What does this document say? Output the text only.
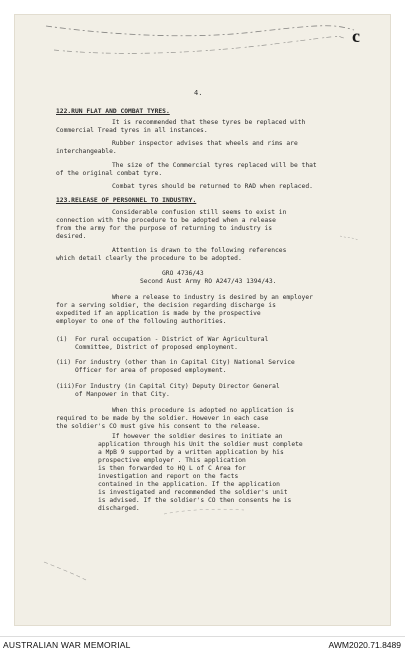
c
4.
122.RUN FLAT AND COMBAT TYRES.
It is recommended that these tyres be replaced with
Commercial Tread tyres in all instances.
Rubber inspector advises that wheels and rims are
interchangeable.
The size of the Commercial tyres replaced will be that
of the original combat tyre.
Combat tyres should be returned to RAD when replaced.
123.RELEASE OF PERSONNEL TO INDUSTRY.
Considerable confusion still seems to exist in
connection with the procedure to be adopted when a release
from the army for the purpose of returning to industry is
desired.
Attention is drawn to the following references
which detail clearly the procedure to be adopted.
GRO 4736/43
Second Aust Army RO A247/43 1394/43.
Where a release to industry is desired by an employer
for a serving soldier, the decision regarding discharge is
expedited if an application is made by the prospective
employer to one of the following authorities.
(i)  For rural occupation - District of War Agricultural
Committee, District of proposed employment.
(ii) For industry (other than in Capital City) National Service
Officer for area of proposed employment.
(iii)For Industry (in Capital City) Deputy Director General
of Manpower in that City.
When this procedure is adopted no application is
required to be made by the soldier. However in each case
the soldier's CO must give his consent to the release.
If however the soldier desires to initiate an
application through his Unit the soldier must complete
a MpB 9 supported by a written application by his
prospective employer . This application
is then forwarded to HQ L of C Area for
investigation and report on the facts
contained in the application. If the application
is investigated and recommended the soldier's unit
is advised. If the soldier's CO then consents he is
discharged.
AUSTRALIAN WAR MEMORIAL	AWM2020.71.8489
